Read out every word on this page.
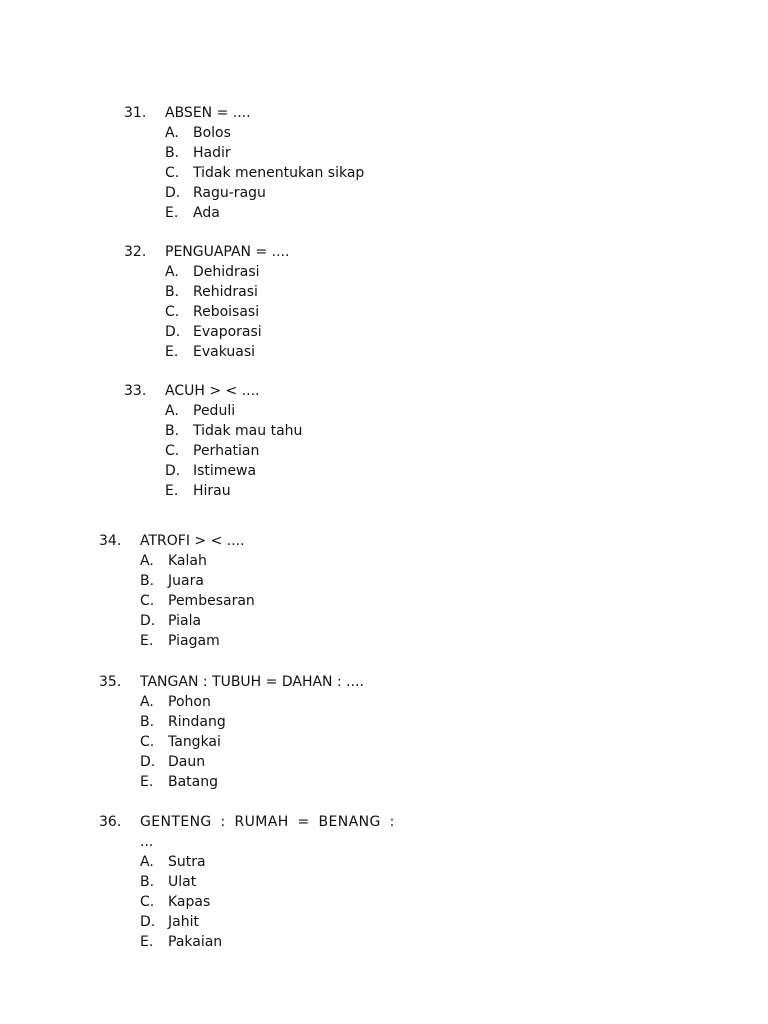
31. ABSEN = ....
A. Bolos
B. Hadir
C. Tidak menentukan sikap
D. Ragu-ragu
E. Ada
32. PENGUAPAN = ....
A. Dehidrasi
B. Rehidrasi
C. Reboisasi
D. Evaporasi
E. Evakuasi
33. ACUH > < ....
A. Peduli
B. Tidak mau tahu
C. Perhatian
D. Istimewa
E. Hirau
34. ATROFI > < ....
A. Kalah
B. Juara
C. Pembesaran
D. Piala
E. Piagam
35. TANGAN : TUBUH = DAHAN : ....
A. Pohon
B. Rindang
C. Tangkai
D. Daun
E. Batang
36. GENTENG : RUMAH = BENANG :
...
A. Sutra
B. Ulat
C. Kapas
D. Jahit
E. Pakaian
